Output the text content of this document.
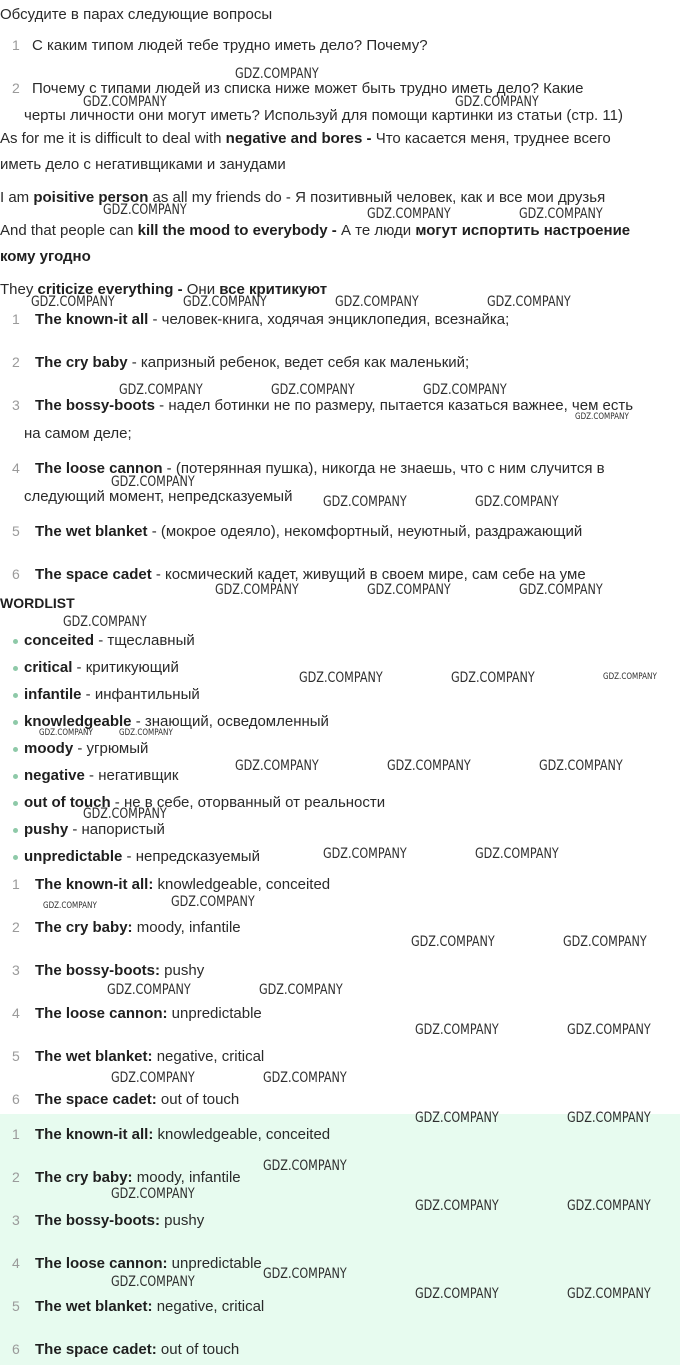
Обсудите в парах следующие вопросы
1 С каким типом людей тебе трудно иметь дело? Почему?
2 Почему с типами людей из списка ниже может быть трудно иметь дело? Какие
черты личности они могут иметь? Используй для помощи картинки из статьи (стр. 11)
As for me it is difficult to deal with negative and bores - Что касается меня, труднее всего
иметь дело с негативщиками и занудами
I am poisitive person as all my friends do - Я позитивный человек, как и все мои друзья
And that people can kill the mood to everybody - А те люди могут испортить настроение
кому угодно
They criticize everything - Они все критикуют
1 The known-it all - человек-книга, ходячая энциклопедия, всезнайка;
2 The cry baby - капризный ребенок, ведет себя как маленький;
3 The bossy-boots - надел ботинки не по размеру, пытается казаться важнее, чем есть
на самом деле;
4 The loose cannon - (потерянная пушка), никогда не знаешь, что с ним случится в
следующий момент, непредсказуемый
5 The wet blanket - (мокрое одеяло), некомфортный, неуютный, раздражающий
6 The space cadet - космический кадет, живущий в своем мире, сам себе на уме
WORDLIST
conceited - тщеславный
critical - критикующий
infantile - инфантильный
knowledgeable - знающий, осведомленный
moody - угрюмый
negative - негативщик
out of touch - не в себе, оторванный от реальности
pushy - напористый
unpredictable - непредсказуемый
1 The known-it all: knowledgeable, conceited
2 The cry baby: moody, infantile
3 The bossy-boots: pushy
4 The loose cannon: unpredictable
5 The wet blanket: negative, critical
6 The space cadet: out of touch
1 The known-it all: knowledgeable, conceited
2 The cry baby: moody, infantile
3 The bossy-boots: pushy
4 The loose cannon: unpredictable
5 The wet blanket: negative, critical
6 The space cadet: out of touch
GDZ.COMPANY
GDZ.COMPANY	GDZ.COMPANY
GDZ.COMPANY	GDZ.COMPANY	GDZ.COMPANY
GDZ.COMPANY	GDZ.COMPANY	GDZ.COMPANY	GDZ.COMPANY
GDZ.COMPANY	GDZ.COMPANY	GDZ.COMPANY
GDZ.COMPANY
GDZ.COMPANY
GDZ.COMPANY	GDZ.COMPANY
GDZ.COMPANY	GDZ.COMPANY	GDZ.COMPANY
GDZ.COMPANY
GDZ.COMPANY	GDZ.COMPANY	GDZ.COMPANY
GDZ.COMPANY	GDZ.COMPANY
GDZ.COMPANY	GDZ.COMPANY	GDZ.COMPANY
GDZ.COMPANY
GDZ.COMPANY	GDZ.COMPANY
GDZ.COMPANY	GDZ.COMPANY
GDZ.COMPANY	GDZ.COMPANY
GDZ.COMPANY	GDZ.COMPANY
GDZ.COMPANY	GDZ.COMPANY
GDZ.COMPANY	GDZ.COMPANY
GDZ.COMPANY	GDZ.COMPANY
GDZ.COMPANY
GDZ.COMPANY
GDZ.COMPANY	GDZ.COMPANY
GDZ.COMPANY
GDZ.COMPANY
GDZ.COMPANY	GDZ.COMPANY
